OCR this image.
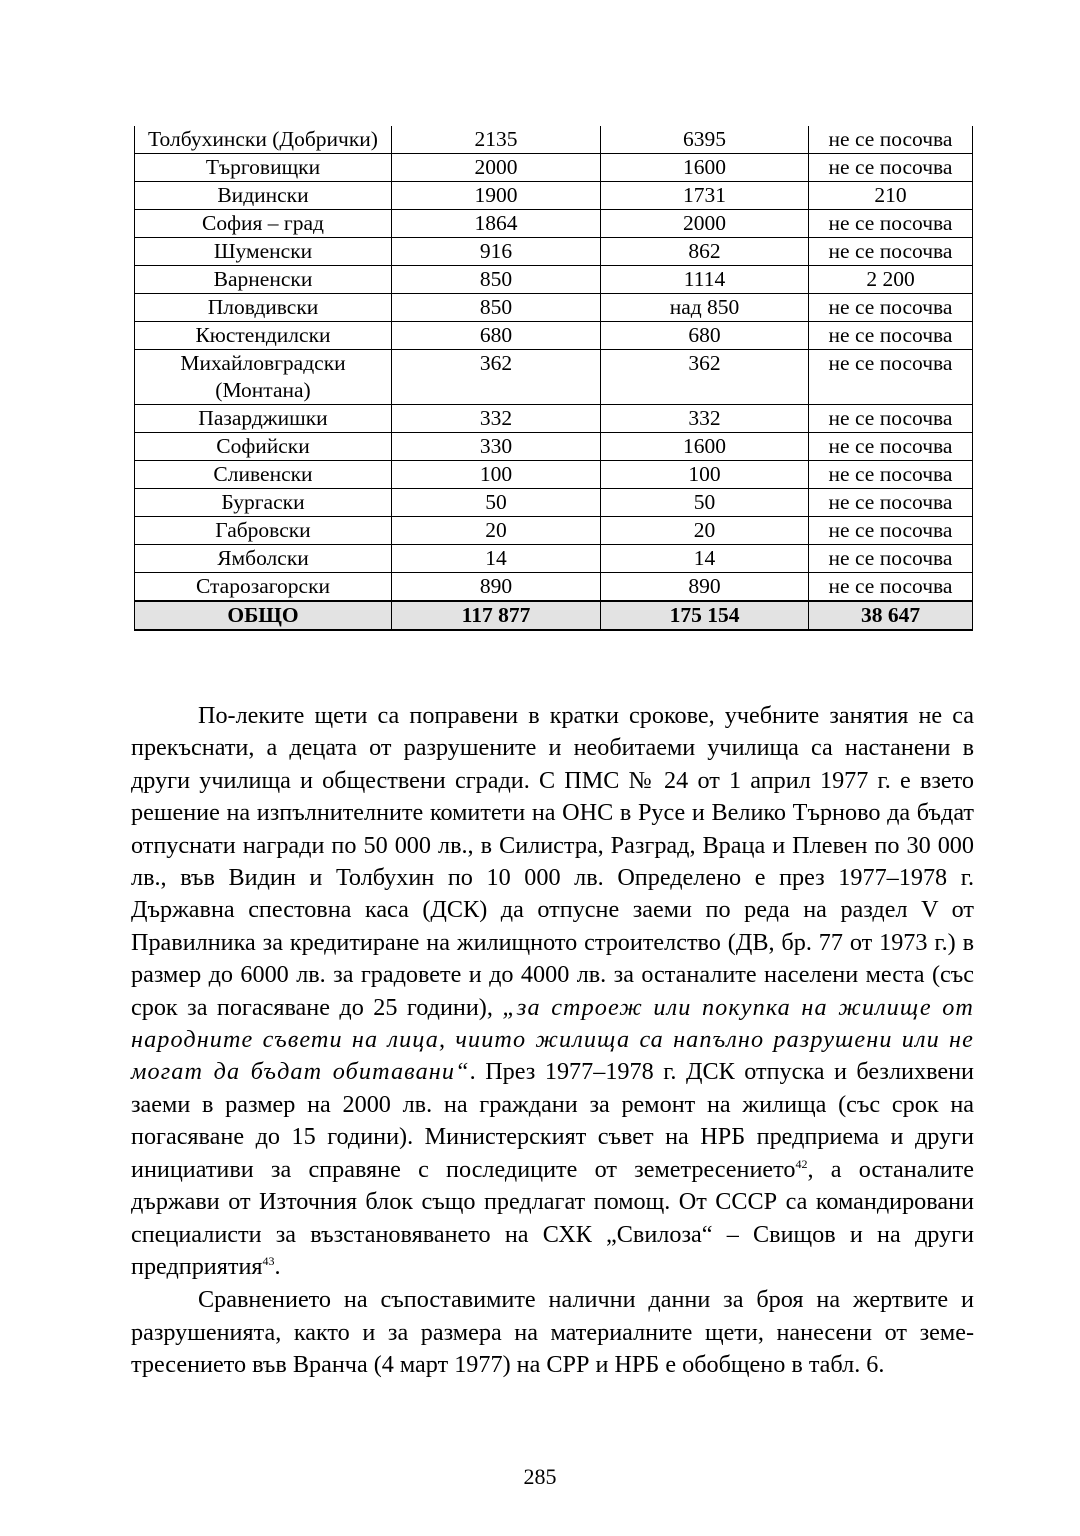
Толбухински (Добрички)	2135	6395	не се посочва
Търговищки	2000	1600	не се посочва
Видински	1900	1731	210
София – град	1864	2000	не се посочва
Шуменски	916	862	не се посочва
Варненски	850	1114	2 200
Пловдивски	850	над 850	не се посочва
Кюстендилски	680	680	не се посочва
Михайловградски (Монтана)	362	362	не се посочва
Пазарджишки	332	332	не се посочва
Софийски	330	1600	не се посочва
Сливенски	100	100	не се посочва
Бургаски	50	50	не се посочва
Габровски	20	20	не се посочва
Ямболски	14	14	не се посочва
Старозагорски	890	890	не се посочва
ОБЩО	117 877	175 154	38 647

По-леките щети са поправени в кратки срокове, учебните занятия не са прекъснати, а децата от разрушените и необитаеми училища са настанени в други училища и обществени сгради. С ПМС № 24 от 1 април 1977 г. е взето решение на изпълнителните комитети на ОНС в Русе и Велико Търново да бъдат отпуснати награди по 50 000 лв., в Силистра, Разград, Враца и Плевен по 30 000 лв., във Видин и Толбухин по 10 000 лв. Определено е през 1977–1978 г. Държавна спестовна каса (ДСК) да отпусне заеми по реда на раздел V от Правилника за кредитиране на жилищното строителство (ДВ, бр. 77 от 1973 г.) в размер до 6000 лв. за градовете и до 4000 лв. за останалите населени места (със срок за погасяване до 25 години), „за строеж или покупка на жилище от народните съвети на лица, чиито жилища са напълно разрушени или не могат да бъдат обитавани“. През 1977–1978 г. ДСК отпуска и безлихвени заеми в размер на 2000 лв. на граждани за ремонт на жилища (със срок на погасяване до 15 години). Министерският съвет на НРБ предприема и други инициативи за справяне с последиците от земетресението$^{42}$, а останалите държави от Източния блок също предлагат помощ. От СССР са командировани специалисти за възстановяването на СХК „Свилоза“ – Свищов и на други предприятия$^{43}$.

Сравнението на съпоставимите налични данни за броя на жертвите и разрушенията, както и за размера на материалните щети, нанесени от земетресението във Вранча (4 март 1977) на СРР и НРБ е обобщено в табл. 6.

285
